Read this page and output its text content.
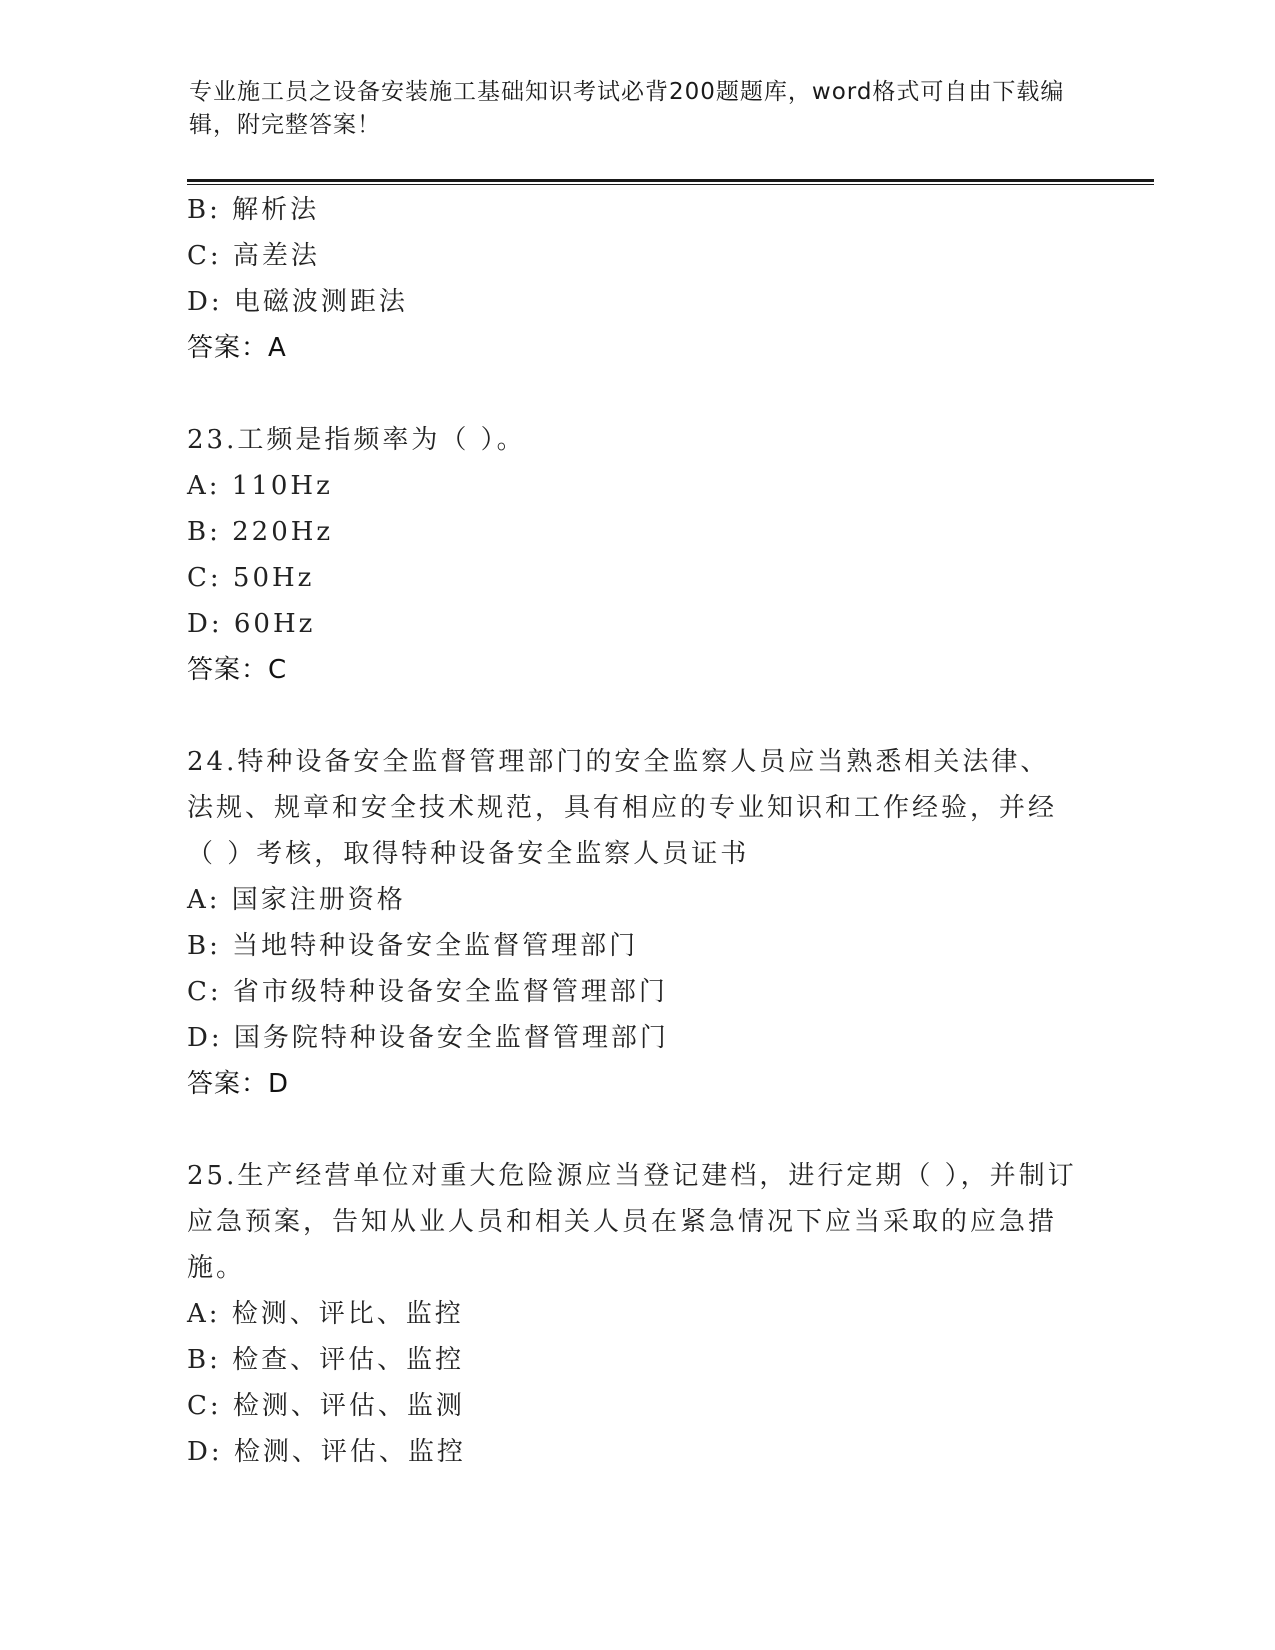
专业施工员之设备安装施工基础知识考试必背200题题库，word格式可自由下载编辑，附完整答案！
B: 解析法
C: 高差法
D: 电磁波测距法
答案：A
23.工频是指频率为（ ）。
A: 110Hz
B: 220Hz
C: 50Hz
D: 60Hz
答案：C
24.特种设备安全监督管理部门的安全监察人员应当熟悉相关法律、法规、规章和安全技术规范，具有相应的专业知识和工作经验，并经（ ）考核，取得特种设备安全监察人员证书
A: 国家注册资格
B: 当地特种设备安全监督管理部门
C: 省市级特种设备安全监督管理部门
D: 国务院特种设备安全监督管理部门
答案：D
25.生产经营单位对重大危险源应当登记建档，进行定期（ ），并制订应急预案，告知从业人员和相关人员在紧急情况下应当采取的应急措施。
A: 检测、评比、监控
B: 检查、评估、监控
C: 检测、评估、监测
D: 检测、评估、监控
